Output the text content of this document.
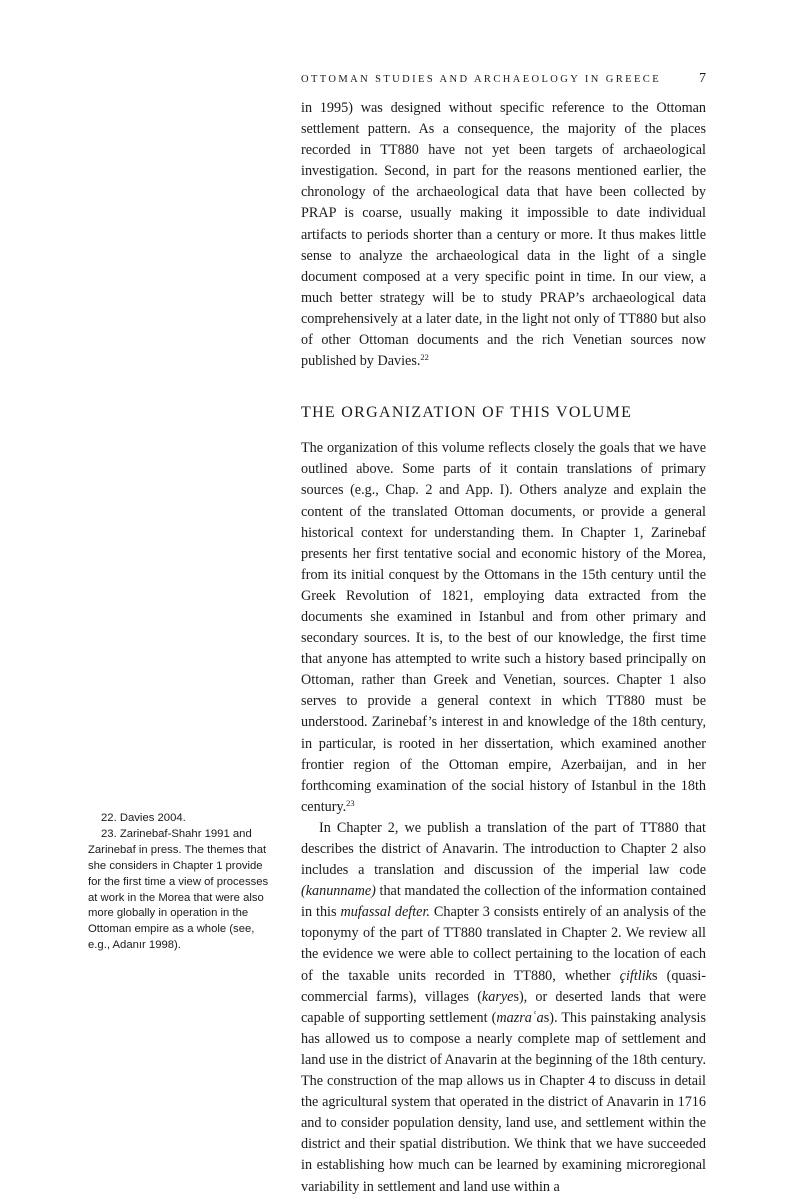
OTTOMAN STUDIES AND ARCHAEOLOGY IN GREECE	7

in 1995) was designed without specific reference to the Ottoman settlement pattern. As a consequence, the majority of the places recorded in TT880 have not yet been targets of archaeological investigation. Second, in part for the reasons mentioned earlier, the chronology of the archaeological data that have been collected by PRAP is coarse, usually making it impossible to date individual artifacts to periods shorter than a century or more. It thus makes little sense to analyze the archaeological data in the light of a single document composed at a very specific point in time. In our view, a much better strategy will be to study PRAP’s archaeological data comprehensively at a later date, in the light not only of TT880 but also of other Ottoman documents and the rich Venetian sources now published by Davies.$^{22}$

THE ORGANIZATION OF THIS VOLUME

The organization of this volume reflects closely the goals that we have outlined above. Some parts of it contain translations of primary sources (e.g., Chap. 2 and App. I). Others analyze and explain the content of the translated Ottoman documents, or provide a general historical context for understanding them. In Chapter 1, Zarinebaf presents her first tentative social and economic history of the Morea, from its initial conquest by the Ottomans in the 15th century until the Greek Revolution of 1821, employing data extracted from the documents she examined in Istanbul and from other primary and secondary sources. It is, to the best of our knowledge, the first time that anyone has attempted to write such a history based principally on Ottoman, rather than Greek and Venetian, sources. Chapter 1 also serves to provide a general context in which TT880 must be understood. Zarinebaf’s interest in and knowledge of the 18th century, in particular, is rooted in her dissertation, which examined another frontier region of the Ottoman empire, Azerbaijan, and in her forthcoming examination of the social history of Istanbul in the 18th century.$^{23}$

In Chapter 2, we publish a translation of the part of TT880 that describes the district of Anavarin. The introduction to Chapter 2 also includes a translation and discussion of the imperial law code (kanunname) that mandated the collection of the information contained in this mufassal defter. Chapter 3 consists entirely of an analysis of the toponymy of the part of TT880 translated in Chapter 2. We review all the evidence we were able to collect pertaining to the location of each of the taxable units recorded in TT880, whether çiftliks (quasi-commercial farms), villages (karyes), or deserted lands that were capable of supporting settlement (mazraʿas). This painstaking analysis has allowed us to compose a nearly complete map of settlement and land use in the district of Anavarin at the beginning of the 18th century. The construction of the map allows us in Chapter 4 to discuss in detail the agricultural system that operated in the district of Anavarin in 1716 and to consider population density, land use, and settlement within the district and their spatial distribution. We think that we have succeeded in establishing how much can be learned by examining microregional variability in settlement and land use within a

22. Davies 2004.

23. Zarinebaf-Shahr 1991 and Zarinebaf in press. The themes that she considers in Chapter 1 provide for the first time a view of processes at work in the Morea that were also more globally in operation in the Ottoman empire as a whole (see, e.g., Adanır 1998).
